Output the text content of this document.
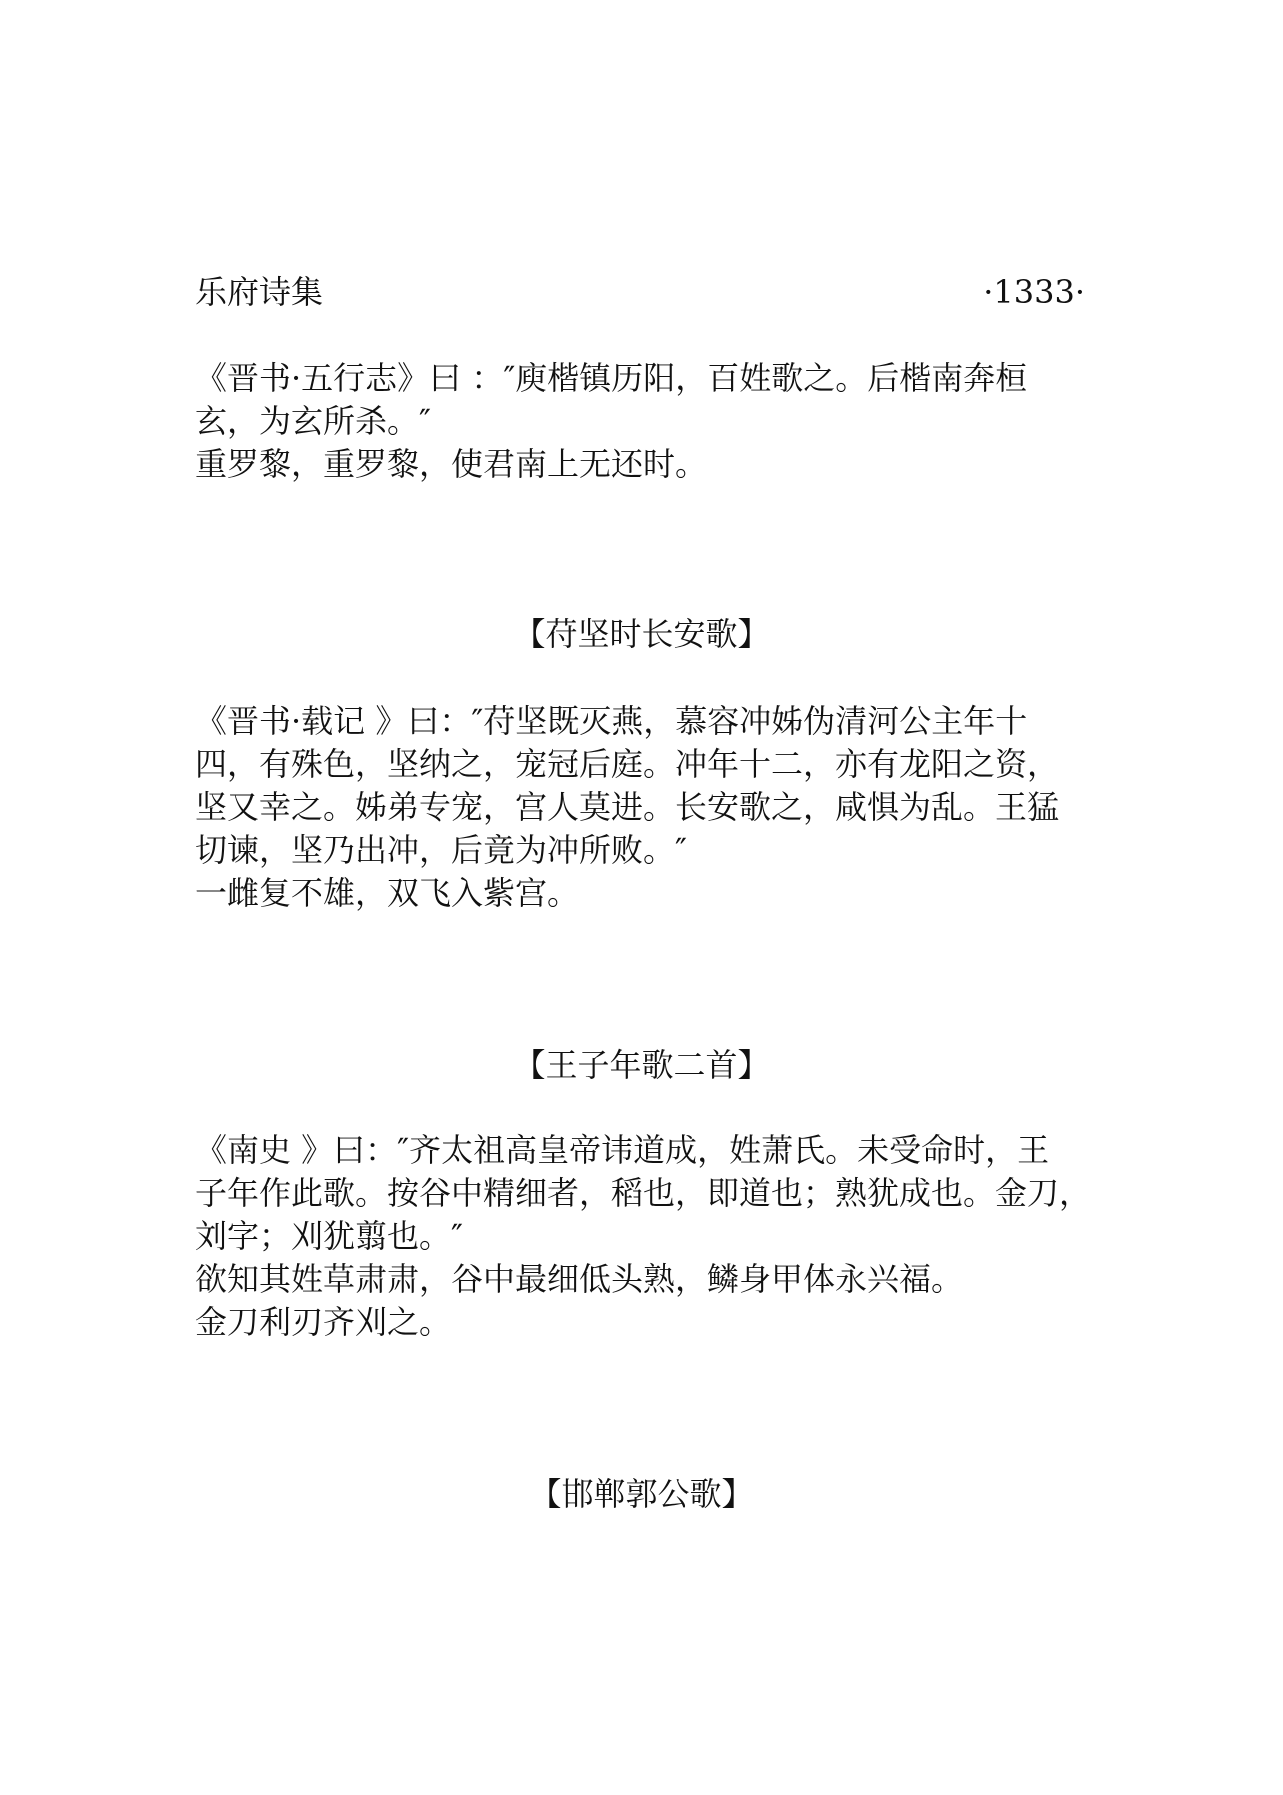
乐府诗集	·1333·

《晋书·五行志》曰 ：″庾楷镇历阳，百姓歌之。后楷南奔桓

玄，为玄所杀。″

重罗黎，重罗黎，使君南上无还时。

【苻坚时长安歌】

《晋书·载记 》曰：″苻坚既灭燕，慕容冲姊伪清河公主年十

四，有殊色，坚纳之，宠冠后庭。冲年十二，亦有龙阳之资，

坚又幸之。姊弟专宠，宫人莫进。长安歌之，咸惧为乱。王猛

切谏，坚乃出冲，后竟为冲所败。″

一雌复不雄，双飞入紫宫。

【王子年歌二首】

《南史 》曰：″齐太祖高皇帝讳道成，姓萧氏。未受命时，王

子年作此歌。按谷中精细者，稻也，即道也；熟犹成也。金刀，

刘字；刈犹翦也。″

欲知其姓草肃肃，谷中最细低头熟，鳞身甲体永兴福。

金刀利刃齐刈之。

【邯郸郭公歌】
